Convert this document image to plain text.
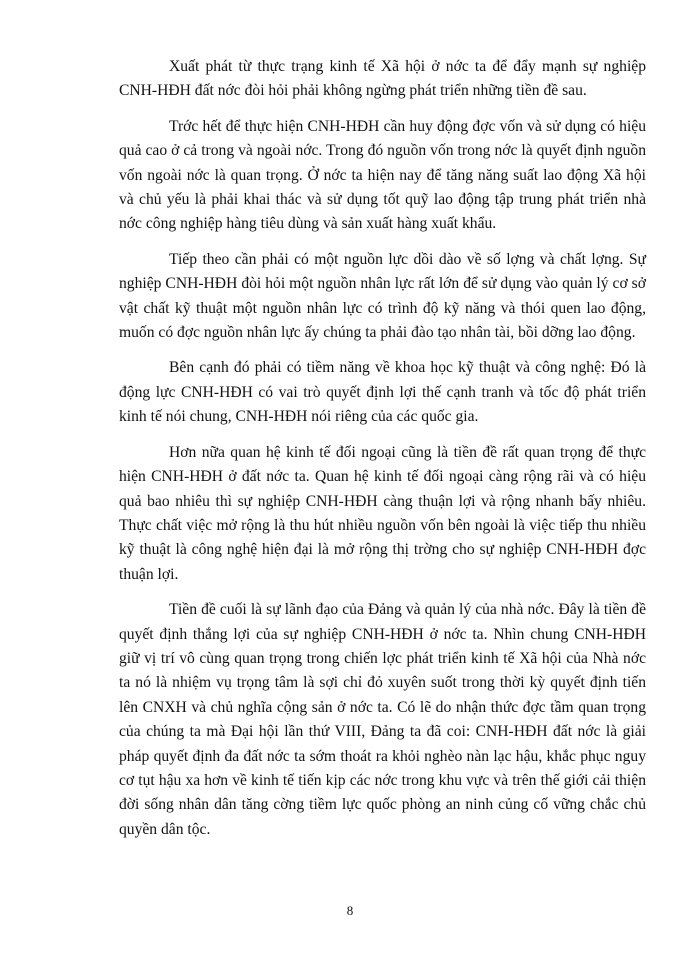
Xuất phát từ thực trạng kinh tế Xã hội ở nớc ta để đẩy mạnh sự nghiệp CNH-HĐH đất nớc đòi hỏi phải không ngừng phát triển những tiền đề sau.

Trớc hết để thực hiện CNH-HĐH cần huy động đợc vốn và sử dụng có hiệu quả cao ở cả trong và ngoài nớc. Trong đó nguồn vốn trong nớc là quyết định nguồn vốn ngoài nớc là quan trọng. Ở nớc ta hiện nay để tăng năng suất lao động Xã hội và chủ yếu là phải khai thác và sử dụng tốt quỹ lao động tập trung phát triển nhà nớc công nghiệp hàng tiêu dùng và sản xuất hàng xuất khẩu.

Tiếp theo cần phải có một nguồn lực dồi dào về số lợng và chất lợng. Sự nghiệp CNH-HĐH đòi hỏi một nguồn nhân lực rất lớn để sử dụng vào quản lý cơ sở vật chất kỹ thuật một nguồn nhân lực có trình độ kỹ năng và thói quen lao động, muốn có đợc nguồn nhân lực ấy chúng ta phải đào tạo nhân tài, bồi dỡng lao động.

Bên cạnh đó phải có tiềm năng về khoa học kỹ thuật và công nghệ: Đó là động lực CNH-HĐH có vai trò quyết định lợi thế cạnh tranh và tốc độ phát triển kinh tế nói chung, CNH-HĐH nói riêng của các quốc gia.

Hơn nữa quan hệ kinh tế đối ngoại cũng là tiền đề rất quan trọng để thực hiện CNH-HĐH ở đất nớc ta. Quan hệ kinh tế đối ngoại càng rộng rãi và có hiệu quả bao nhiêu thì sự nghiệp CNH-HĐH càng thuận lợi và rộng nhanh bấy nhiêu. Thực chất việc mở rộng là thu hút nhiều nguồn vốn bên ngoài là việc tiếp thu nhiều kỹ thuật là công nghệ hiện đại là mở rộng thị trờng cho sự nghiệp CNH-HĐH đợc thuận lợi.

Tiền đề cuối là sự lãnh đạo của Đảng và quản lý của nhà nớc. Đây là tiền đề quyết định thắng lợi của sự nghiệp CNH-HĐH ở nớc ta. Nhìn chung CNH-HĐH giữ vị trí vô cùng quan trọng trong chiến lợc phát triển kinh tế Xã hội của Nhà nớc ta nó là nhiệm vụ trọng tâm là sợi chỉ đỏ xuyên suốt trong thời kỳ quyết định tiến lên CNXH và chủ nghĩa cộng sản ở nớc ta. Có lẽ do nhận thức đợc tầm quan trọng của chúng ta mà Đại hội lần thứ VIII, Đảng ta đã coi: CNH-HĐH đất nớc là giải pháp quyết định đa đất nớc ta sớm thoát ra khỏi nghèo nàn lạc hậu, khắc phục nguy cơ tụt hậu xa hơn về kinh tế tiến kịp các nớc trong khu vực và trên thế giới cải thiện đời sống nhân dân tăng cờng tiềm lực quốc phòng an ninh củng cố vững chắc chủ quyền dân tộc.

8
